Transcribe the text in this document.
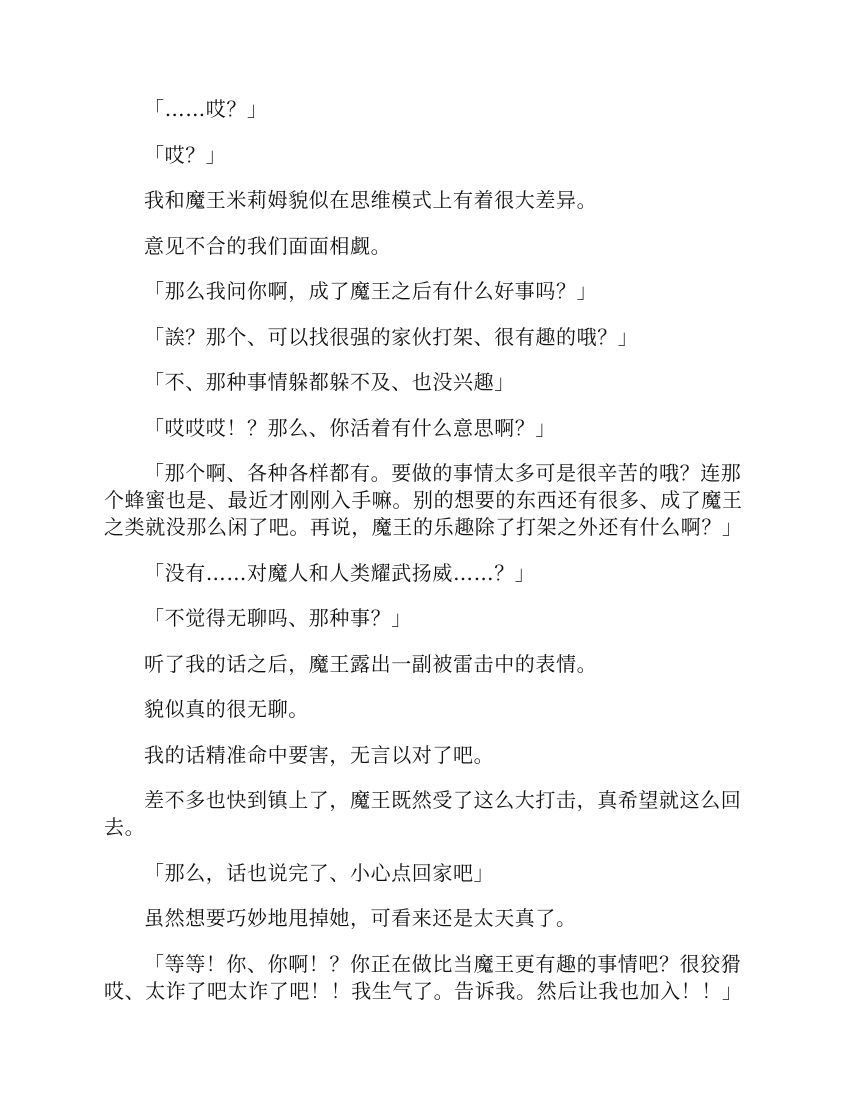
「……哎？」

「哎？」

我和魔王米莉姆貌似在思维模式上有着很大差异。

意见不合的我们面面相觑。

「那么我问你啊，成了魔王之后有什么好事吗？」

「誒？那个、可以找很强的家伙打架、很有趣的哦？」

「不、那种事情躲都躲不及、也没兴趣」

「哎哎哎！？那么、你活着有什么意思啊？」

「那个啊、各种各样都有。要做的事情太多可是很辛苦的哦？连那个蜂蜜也是、最近才刚刚入手嘛。别的想要的东西还有很多、成了魔王之类就没那么闲了吧。再说，魔王的乐趣除了打架之外还有什么啊？」

「没有……对魔人和人类耀武扬威……？」

「不觉得无聊吗、那种事？」

听了我的话之后，魔王露出一副被雷击中的表情。

貌似真的很无聊。

我的话精准命中要害，无言以对了吧。

差不多也快到镇上了，魔王既然受了这么大打击，真希望就这么回去。

「那么，话也说完了、小心点回家吧」

虽然想要巧妙地甩掉她，可看来还是太天真了。

「等等！你、你啊！？你正在做比当魔王更有趣的事情吧？很狡猾哎、太诈了吧太诈了吧！！我生气了。告诉我。然后让我也加入！！」
